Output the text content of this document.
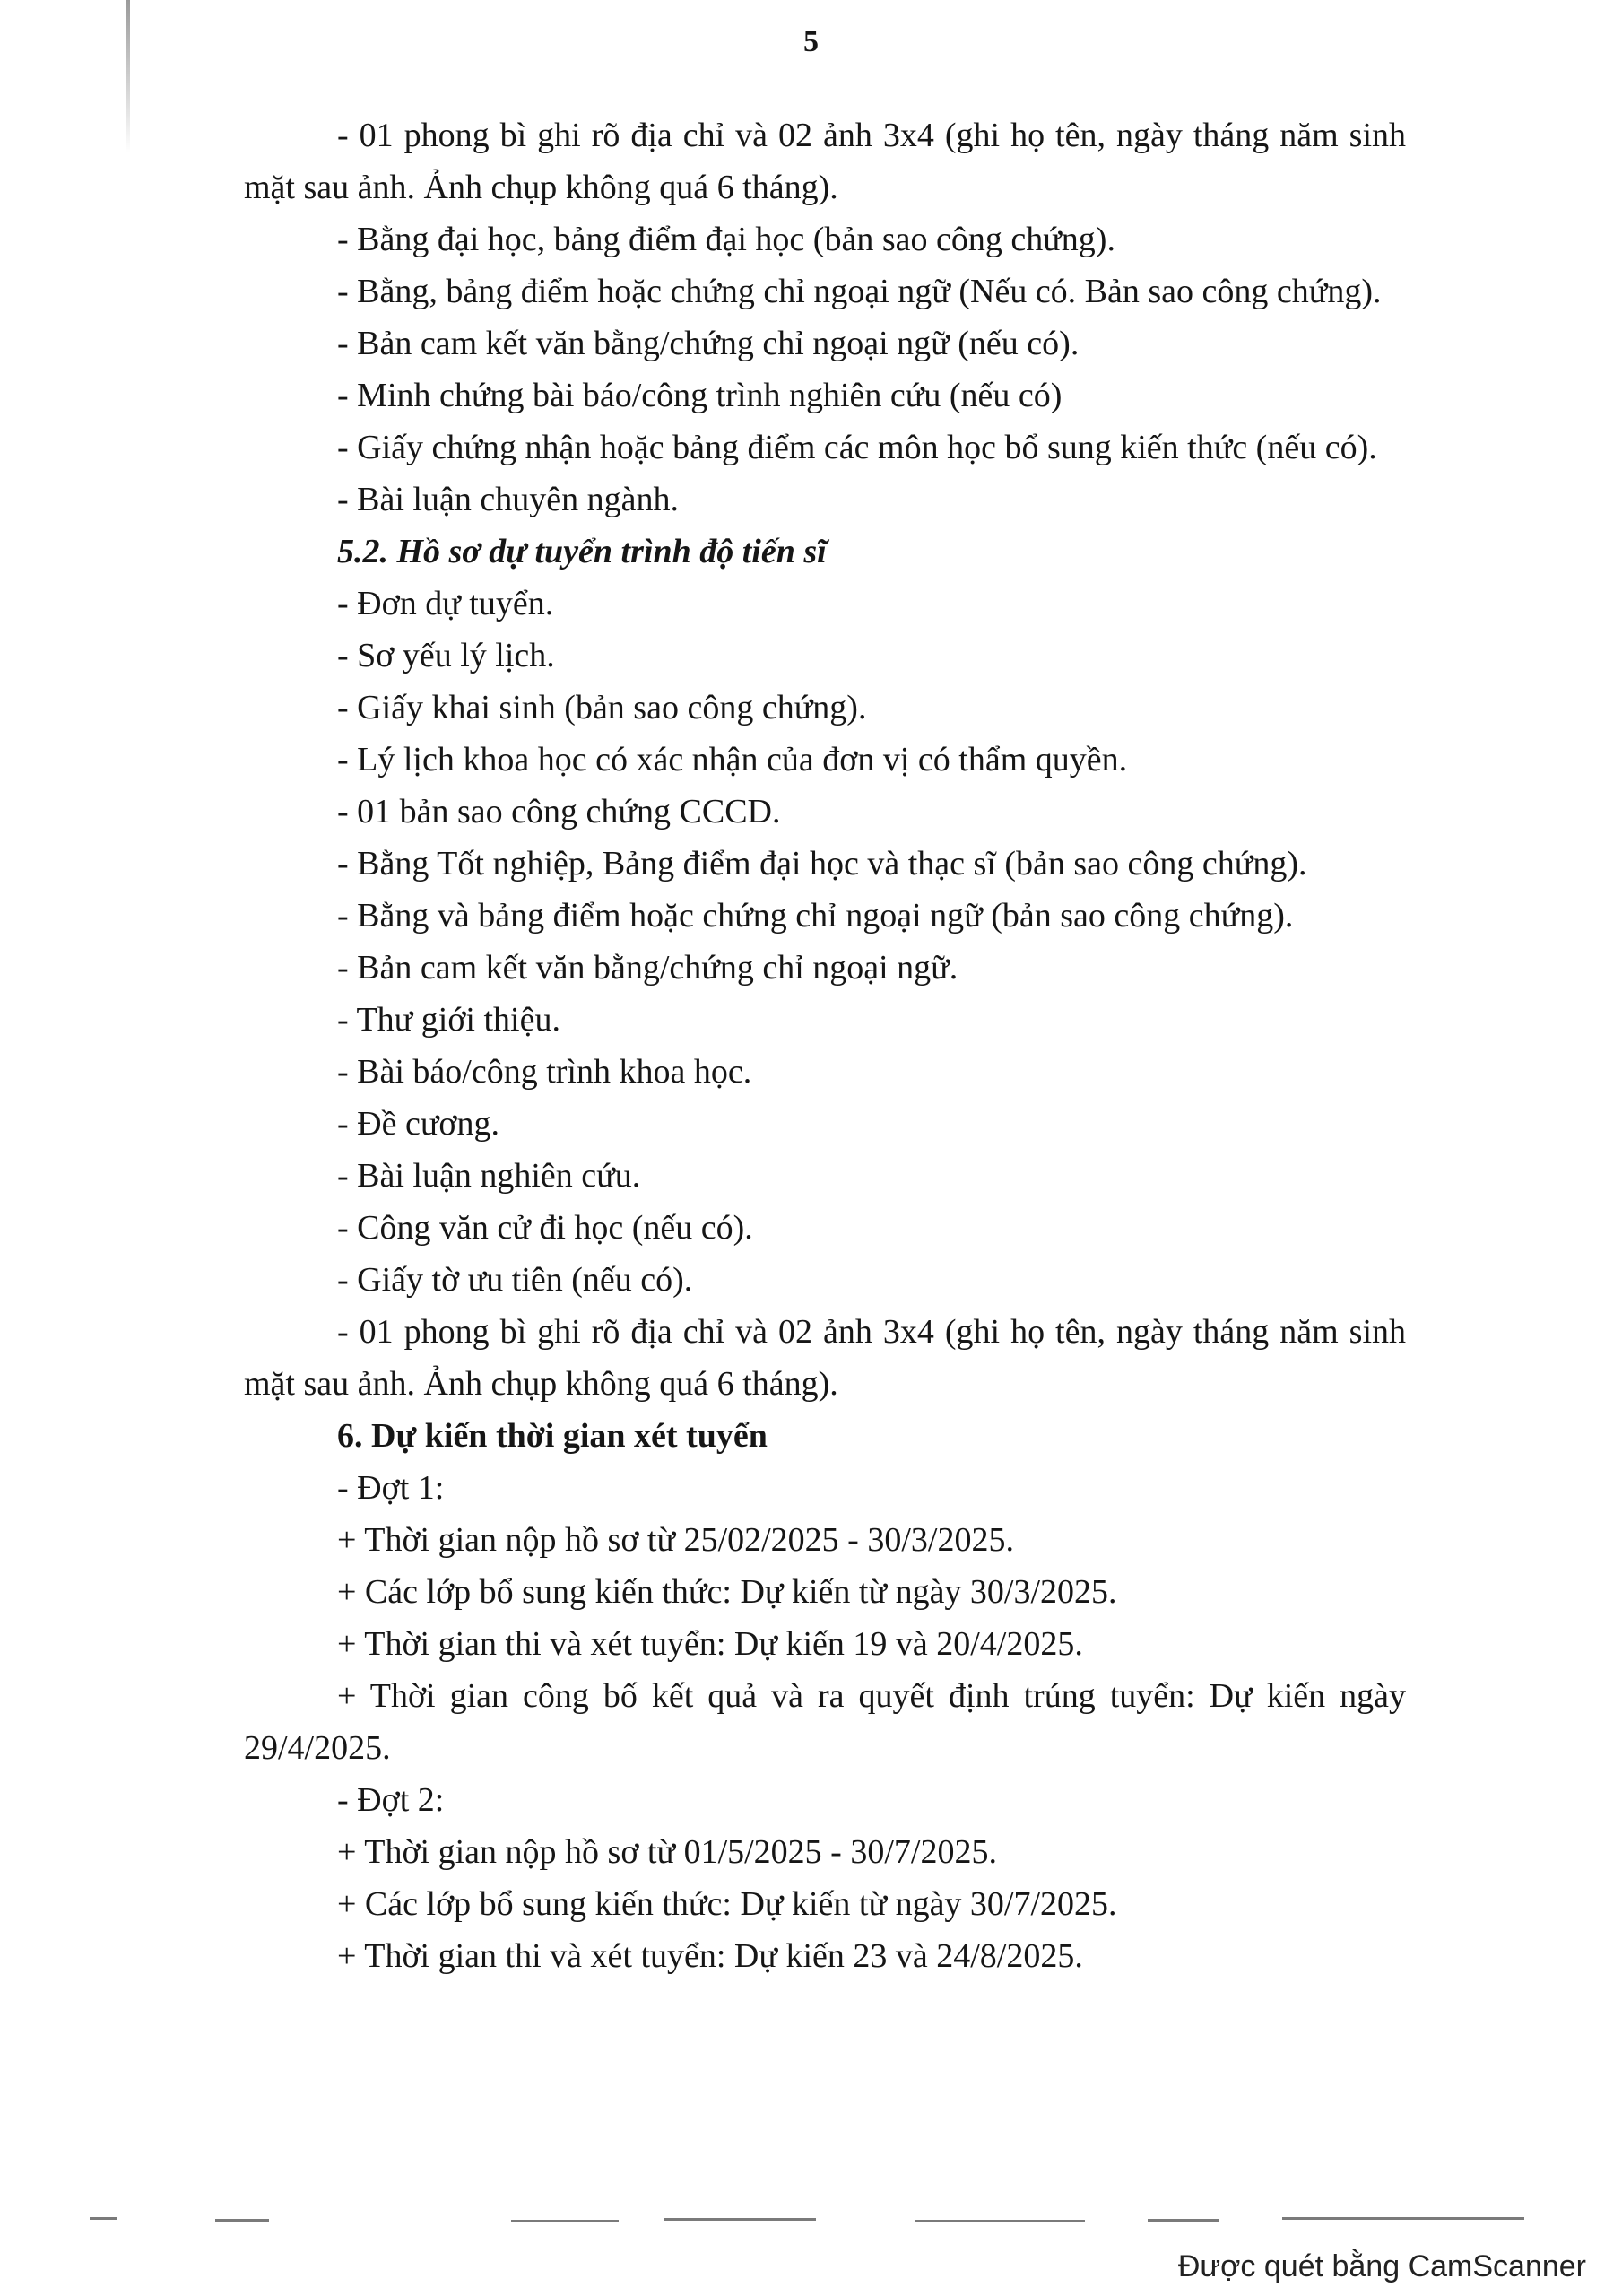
5

- 01 phong bì ghi rõ địa chỉ và 02 ảnh 3x4 (ghi họ tên, ngày tháng năm sinh mặt sau ảnh. Ảnh chụp không quá 6 tháng).

- Bằng đại học, bảng điểm đại học (bản sao công chứng).

- Bằng, bảng điểm hoặc chứng chỉ ngoại ngữ (Nếu có. Bản sao công chứng).

- Bản cam kết văn bằng/chứng chỉ ngoại ngữ (nếu có).

- Minh chứng bài báo/công trình nghiên cứu (nếu có)

- Giấy chứng nhận hoặc bảng điểm các môn học bổ sung kiến thức (nếu có).

- Bài luận chuyên ngành.

5.2. Hồ sơ dự tuyển trình độ tiến sĩ

- Đơn dự tuyển.

- Sơ yếu lý lịch.

- Giấy khai sinh (bản sao công chứng).

- Lý lịch khoa học có xác nhận của đơn vị có thẩm quyền.

- 01 bản sao công chứng CCCD.

- Bằng Tốt nghiệp, Bảng điểm đại học và thạc sĩ (bản sao công chứng).

- Bằng và bảng điểm hoặc chứng chỉ ngoại ngữ (bản sao công chứng).

- Bản cam kết văn bằng/chứng chỉ ngoại ngữ.

- Thư giới thiệu.

- Bài báo/công trình khoa học.

- Đề cương.

- Bài luận nghiên cứu.

- Công văn cử đi học (nếu có).

- Giấy tờ ưu tiên (nếu có).

- 01 phong bì ghi rõ địa chỉ và 02 ảnh 3x4 (ghi họ tên, ngày tháng năm sinh mặt sau ảnh. Ảnh chụp không quá 6 tháng).

6. Dự kiến thời gian xét tuyển

- Đợt 1:

+ Thời gian nộp hồ sơ từ 25/02/2025 - 30/3/2025.

+ Các lớp bổ sung kiến thức: Dự kiến từ ngày 30/3/2025.

+ Thời gian thi và xét tuyển: Dự kiến 19 và 20/4/2025.

+ Thời gian công bố kết quả và ra quyết định trúng tuyển: Dự kiến ngày 29/4/2025.

- Đợt 2:

+ Thời gian nộp hồ sơ từ 01/5/2025 - 30/7/2025.

+ Các lớp bổ sung kiến thức: Dự kiến từ ngày 30/7/2025.

+ Thời gian thi và xét tuyển: Dự kiến 23 và 24/8/2025.

Được quét bằng CamScanner
